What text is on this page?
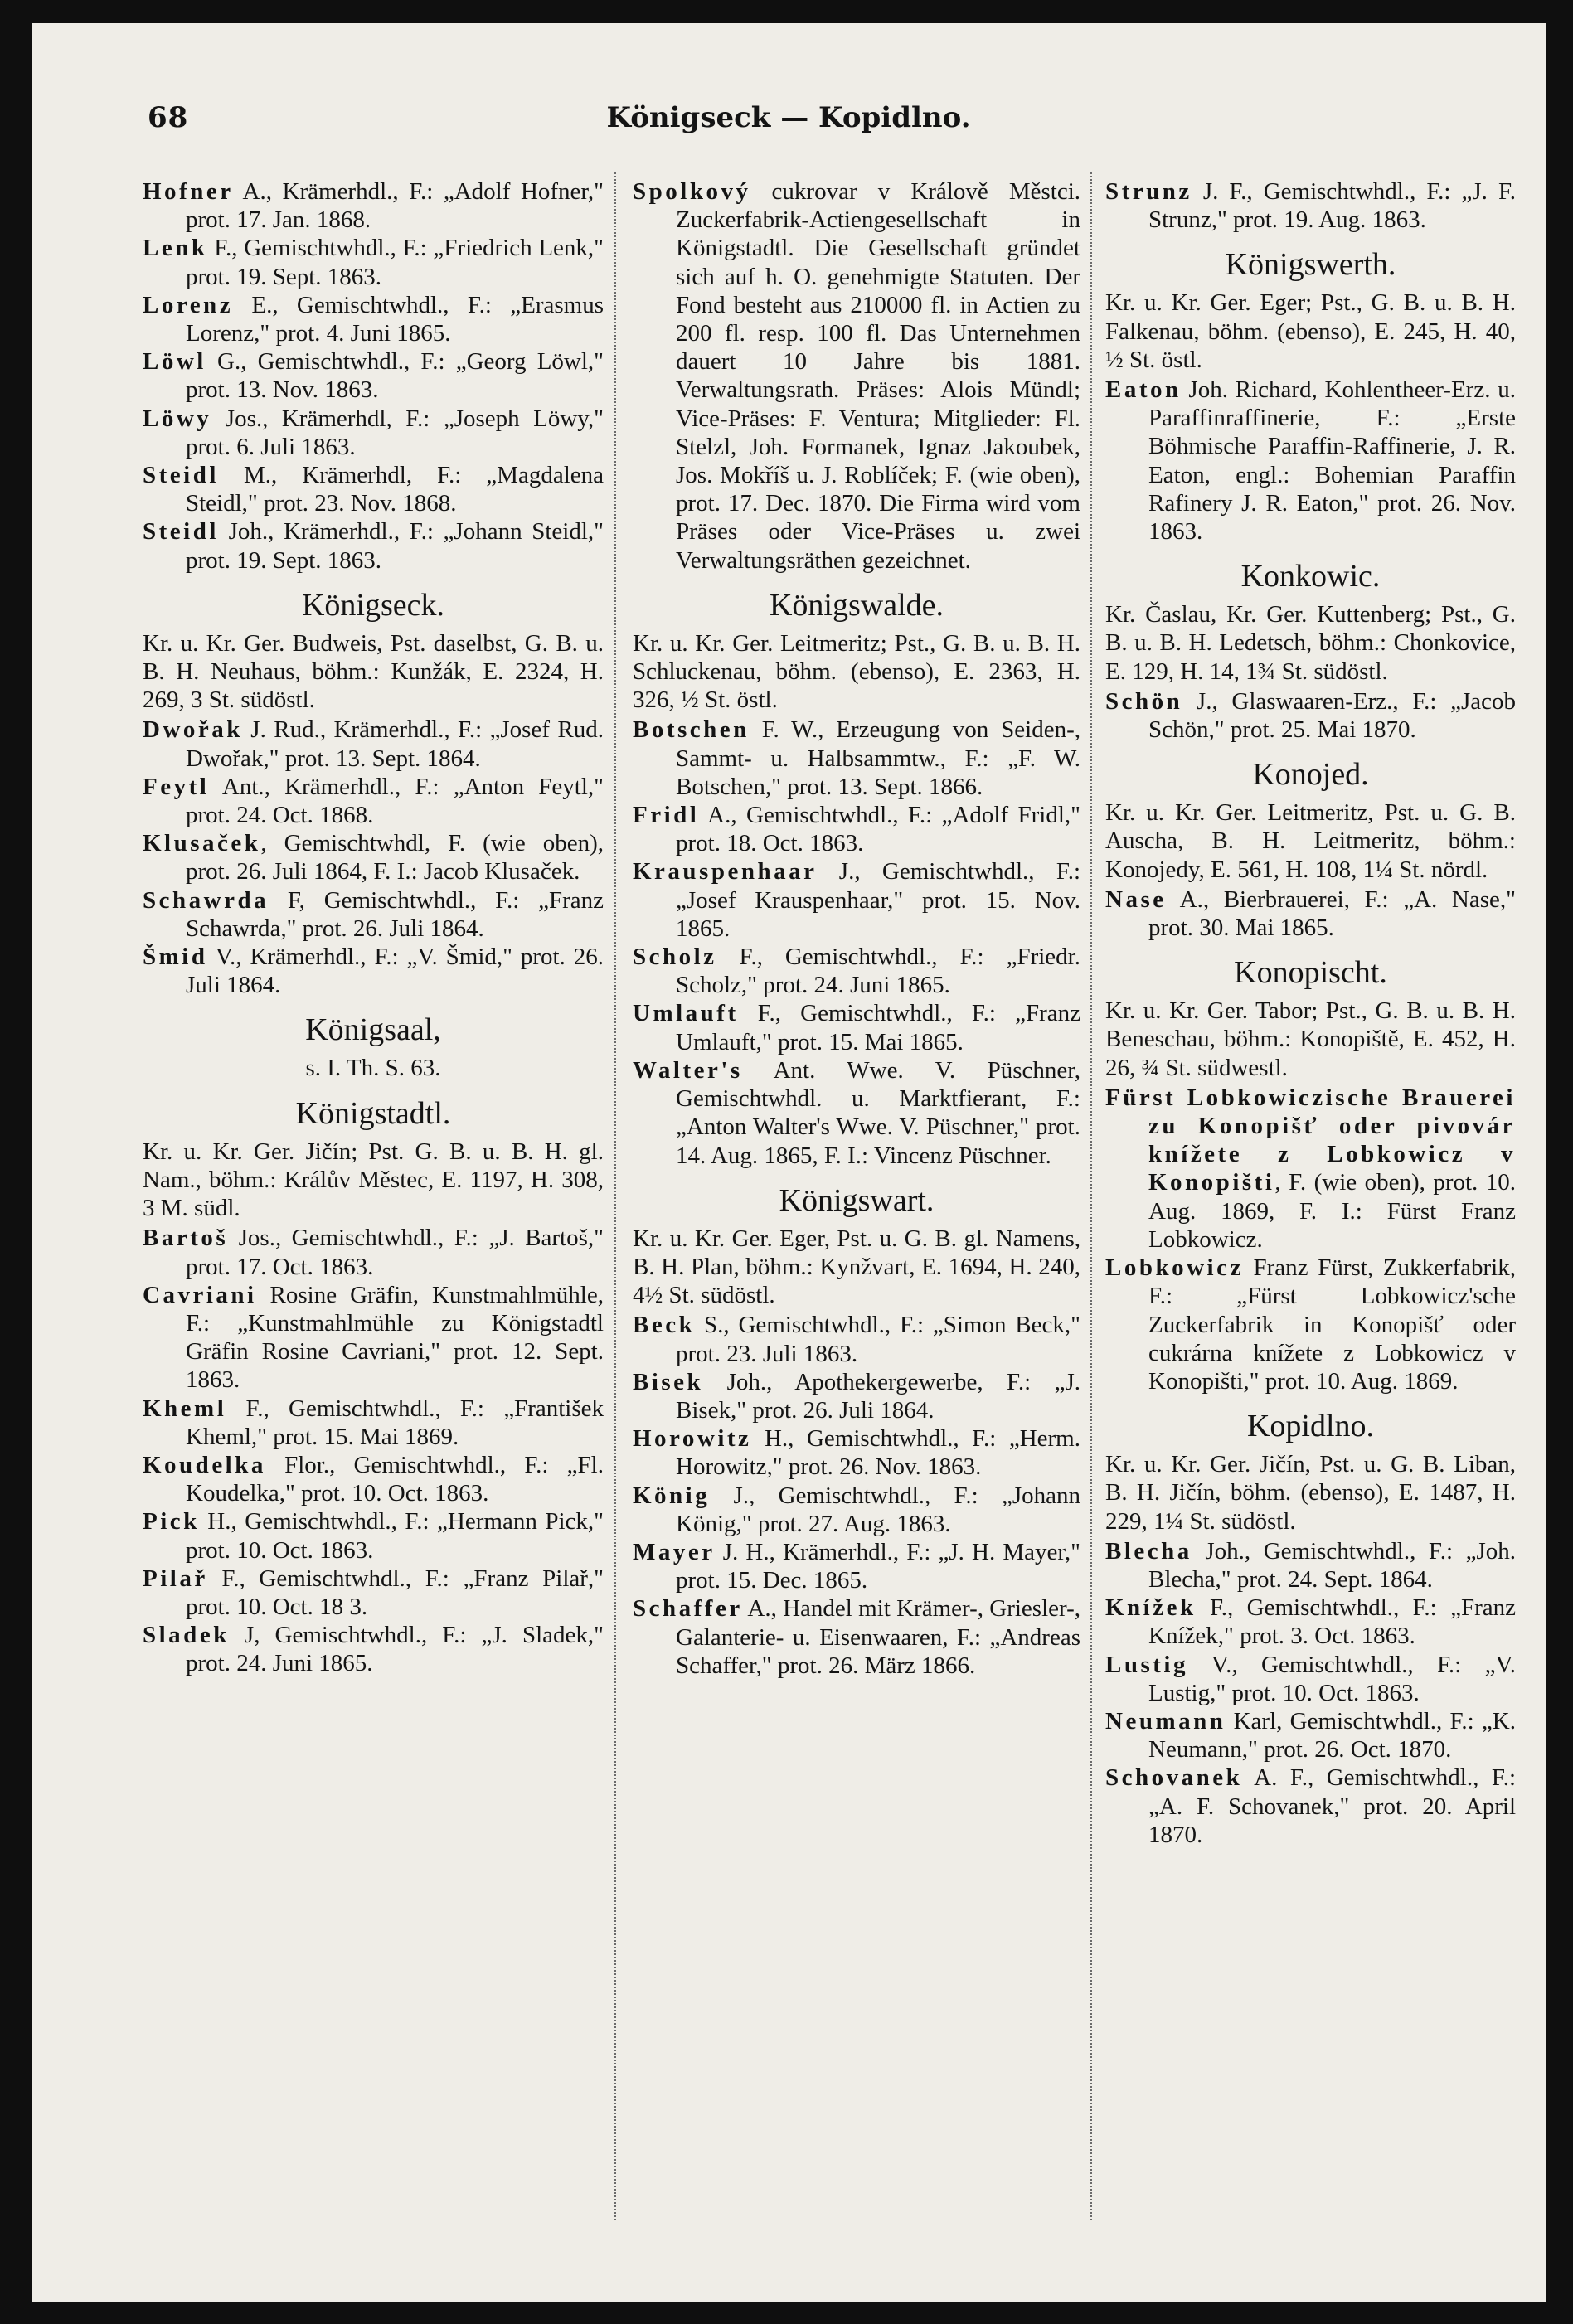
68	Königseck — Kopidlno.

Hofner A., Krämerhdl., F.: „Adolf Hofner," prot. 17. Jan. 1868.

Lenk F., Gemischtwhdl., F.: „Friedrich Lenk," prot. 19. Sept. 1863.

Lorenz E., Gemischtwhdl., F.: „Erasmus Lorenz," prot. 4. Juni 1865.

Löwl G., Gemischtwhdl., F.: „Georg Löwl," prot. 13. Nov. 1863.

Löwy Jos., Krämerhdl, F.: „Joseph Löwy," prot. 6. Juli 1863.

Steidl M., Krämerhdl, F.: „Magdalena Steidl," prot. 23. Nov. 1868.

Steidl Joh., Krämerhdl., F.: „Johann Steidl," prot. 19. Sept. 1863.

Königseck.

Kr. u. Kr. Ger. Budweis, Pst. daselbst, G. B. u. B. H. Neuhaus, böhm.: Kunžák, E. 2324, H. 269, 3 St. südöstl.

Dwořak J. Rud., Krämerhdl., F.: „Josef Rud. Dwořak," prot. 13. Sept. 1864.

Feytl Ant., Krämerhdl., F.: „Anton Feytl," prot. 24. Oct. 1868.

Klusaček, Gemischtwhdl, F. (wie oben), prot. 26. Juli 1864, F. I.: Jacob Klusaček.

Schawrda F, Gemischtwhdl., F.: „Franz Schawrda," prot. 26. Juli 1864.

Šmid V., Krämerhdl., F.: „V. Šmid," prot. 26. Juli 1864.

Königsaal,
s. I. Th. S. 63.
Königstadtl.

Kr. u. Kr. Ger. Jičín; Pst. G. B. u. B. H. gl. Nam., böhm.: Králův Městec, E. 1197, H. 308, 3 M. südl.

Bartoš Jos., Gemischtwhdl., F.: „J. Bartoš," prot. 17. Oct. 1863.

Cavriani Rosine Gräfin, Kunstmahlmühle, F.: „Kunstmahlmühle zu Königstadtl Gräfin Rosine Cavriani," prot. 12. Sept. 1863.

Kheml F., Gemischtwhdl., F.: „František Kheml," prot. 15. Mai 1869.

Koudelka Flor., Gemischtwhdl., F.: „Fl. Koudelka," prot. 10. Oct. 1863.

Pick H., Gemischtwhdl., F.: „Hermann Pick," prot. 10. Oct. 1863.

Pilař F., Gemischtwhdl., F.: „Franz Pilař," prot. 10. Oct. 18 3.

Sladek J, Gemischtwhdl., F.: „J. Sladek," prot. 24. Juni 1865.

Spolkový cukrovar v Králově Městci. Zuckerfabrik-Actiengesellschaft in Königstadtl. Die Gesellschaft gründet sich auf h. O. genehmigte Statuten. Der Fond besteht aus 210000 fl. in Actien zu 200 fl. resp. 100 fl. Das Unternehmen dauert 10 Jahre bis 1881. Verwaltungsrath. Präses: Alois Mündl; Vice-Präses: F. Ventura; Mitglieder: Fl. Stelzl, Joh. Formanek, Ignaz Jakoubek, Jos. Mokříš u. J. Roblíček; F. (wie oben), prot. 17. Dec. 1870. Die Firma wird vom Präses oder Vice-Präses u. zwei Verwaltungsräthen gezeichnet.

Königswalde.

Kr. u. Kr. Ger. Leitmeritz; Pst., G. B. u. B. H. Schluckenau, böhm. (ebenso), E. 2363, H. 326, ½ St. östl.

Botschen F. W., Erzeugung von Seiden-, Sammt- u. Halbsammtw., F.: „F. W. Botschen," prot. 13. Sept. 1866.

Fridl A., Gemischtwhdl., F.: „Adolf Fridl," prot. 18. Oct. 1863.

Krauspenhaar J., Gemischtwhdl., F.: „Josef Krauspenhaar," prot. 15. Nov. 1865.

Scholz F., Gemischtwhdl., F.: „Friedr. Scholz," prot. 24. Juni 1865.

Umlauft F., Gemischtwhdl., F.: „Franz Umlauft," prot. 15. Mai 1865.

Walter's Ant. Wwe. V. Püschner, Gemischtwhdl. u. Marktfierant, F.: „Anton Walter's Wwe. V. Püschner," prot. 14. Aug. 1865, F. I.: Vincenz Püschner.

Königswart.

Kr. u. Kr. Ger. Eger, Pst. u. G. B. gl. Namens, B. H. Plan, böhm.: Kynžvart, E. 1694, H. 240, 4½ St. südöstl.

Beck S., Gemischtwhdl., F.: „Simon Beck," prot. 23. Juli 1863.

Bisek Joh., Apothekergewerbe, F.: „J. Bisek," prot. 26. Juli 1864.

Horowitz H., Gemischtwhdl., F.: „Herm. Horowitz," prot. 26. Nov. 1863.

König J., Gemischtwhdl., F.: „Johann König," prot. 27. Aug. 1863.

Mayer J. H., Krämerhdl., F.: „J. H. Mayer," prot. 15. Dec. 1865.

Schaffer A., Handel mit Krämer-, Griesler-, Galanterie- u. Eisenwaaren, F.: „Andreas Schaffer," prot. 26. März 1866.

Strunz J. F., Gemischtwhdl., F.: „J. F. Strunz," prot. 19. Aug. 1863.

Königswerth.

Kr. u. Kr. Ger. Eger; Pst., G. B. u. B. H. Falkenau, böhm. (ebenso), E. 245, H. 40, ½ St. östl.

Eaton Joh. Richard, Kohlentheer-Erz. u. Paraffinraffinerie, F.: „Erste Böhmische Paraffin-Raffinerie, J. R. Eaton, engl.: Bohemian Paraffin Rafinery J. R. Eaton," prot. 26. Nov. 1863.

Konkowic.

Kr. Časlau, Kr. Ger. Kuttenberg; Pst., G. B. u. B. H. Ledetsch, böhm.: Chonkovice, E. 129, H. 14, 1¾ St. südöstl.

Schön J., Glaswaaren-Erz., F.: „Jacob Schön," prot. 25. Mai 1870.

Konojed.

Kr. u. Kr. Ger. Leitmeritz, Pst. u. G. B. Auscha, B. H. Leitmeritz, böhm.: Konojedy, E. 561, H. 108, 1¼ St. nördl.

Nase A., Bierbrauerei, F.: „A. Nase," prot. 30. Mai 1865.

Konopischt.

Kr. u. Kr. Ger. Tabor; Pst., G. B. u. B. H. Beneschau, böhm.: Konopiště, E. 452, H. 26, ¾ St. südwestl.

Fürst Lobkowiczische Brauerei zu Konopišť oder pivovár knížete z Lobkowicz v Konopišti, F. (wie oben), prot. 10. Aug. 1869, F. I.: Fürst Franz Lobkowicz.

Lobkowicz Franz Fürst, Zukkerfabrik, F.: „Fürst Lobkowicz'sche Zuckerfabrik in Konopišť oder cukrárna knížete z Lobkowicz v Konopišti," prot. 10. Aug. 1869.

Kopidlno.

Kr. u. Kr. Ger. Jičín, Pst. u. G. B. Liban, B. H. Jičín, böhm. (ebenso), E. 1487, H. 229, 1¼ St. südöstl.

Blecha Joh., Gemischtwhdl., F.: „Joh. Blecha," prot. 24. Sept. 1864.

Knížek F., Gemischtwhdl., F.: „Franz Knížek," prot. 3. Oct. 1863.

Lustig V., Gemischtwhdl., F.: „V. Lustig," prot. 10. Oct. 1863.

Neumann Karl, Gemischtwhdl., F.: „K. Neumann," prot. 26. Oct. 1870.

Schovanek A. F., Gemischtwhdl., F.: „A. F. Schovanek," prot. 20. April 1870.
